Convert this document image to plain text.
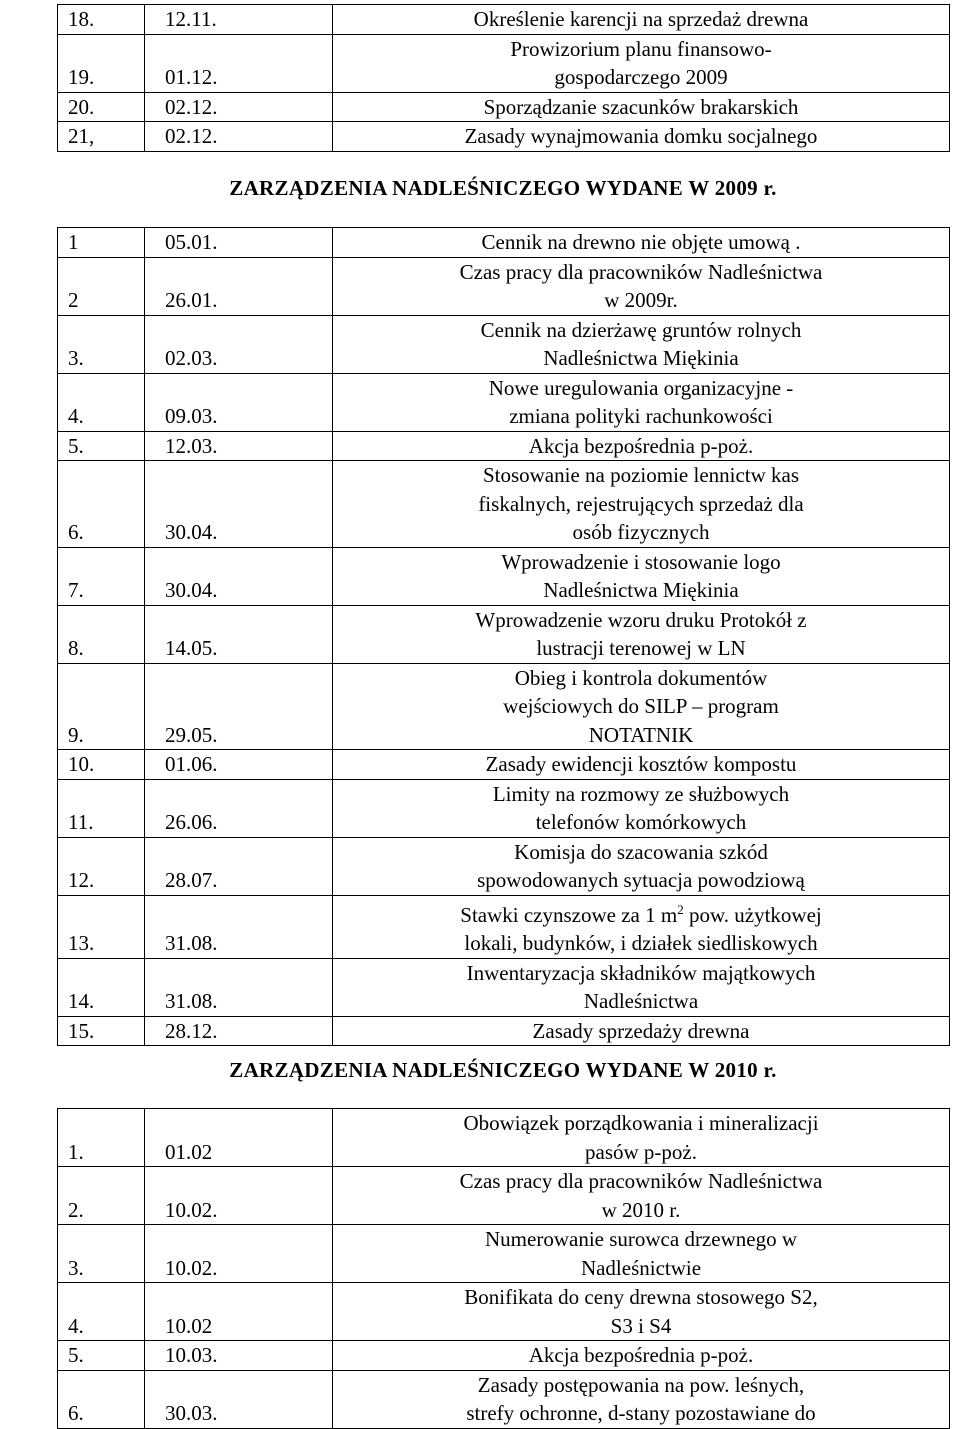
18.	12.11.	Określenie karencji na sprzedaż drewna
19.	01.12.	Prowizorium planu finansowo-
gospodarczego 2009
20.	02.12.	Sporządzanie szacunków brakarskich
21,	02.12.	Zasady wynajmowania domku socjalnego
ZARZĄDZENIA NADLEŚNICZEGO WYDANE W 2009 r.
1	05.01.	Cennik na drewno nie objęte umową .
2	26.01.	Czas pracy dla pracowników Nadleśnictwa
w 2009r.
3.	02.03.	Cennik na dzierżawę gruntów rolnych
Nadleśnictwa Miękinia
4.	09.03.	Nowe uregulowania organizacyjne -
zmiana polityki rachunkowości
5.	12.03.	Akcja bezpośrednia p-poż.
6.	30.04.	Stosowanie na poziomie lennictw kas
fiskalnych, rejestrujących sprzedaż dla
osób fizycznych
7.	30.04.	Wprowadzenie i stosowanie logo
Nadleśnictwa Miękinia
8.	14.05.	Wprowadzenie wzoru druku Protokół z
lustracji terenowej w LN
9.	29.05.	Obieg i kontrola dokumentów
wejściowych do SILP – program
NOTATNIK
10.	01.06.	Zasady ewidencji kosztów kompostu
11.	26.06.	Limity na rozmowy ze służbowych
telefonów komórkowych
12.	28.07.	Komisja do szacowania szkód
spowodowanych sytuacja powodziową
13.	31.08.	Stawki czynszowe za 1 $m^2$ pow. użytkowej
lokali, budynków, i działek siedliskowych
14.	31.08.	Inwentaryzacja składników majątkowych
Nadleśnictwa
15.	28.12.	Zasady sprzedaży drewna
ZARZĄDZENIA NADLEŚNICZEGO WYDANE W 2010 r.
1.	01.02	Obowiązek porządkowania i mineralizacji
pasów p-poż.
2.	10.02.	Czas pracy dla pracowników Nadleśnictwa
w 2010 r.
3.	10.02.	Numerowanie surowca drzewnego w
Nadleśnictwie
4.	10.02	Bonifikata do ceny drewna stosowego S2,
S3 i S4
5.	10.03.	Akcja bezpośrednia p-poż.
6.	30.03.	Zasady postępowania na pow. leśnych,
strefy ochronne, d-stany pozostawiane do
